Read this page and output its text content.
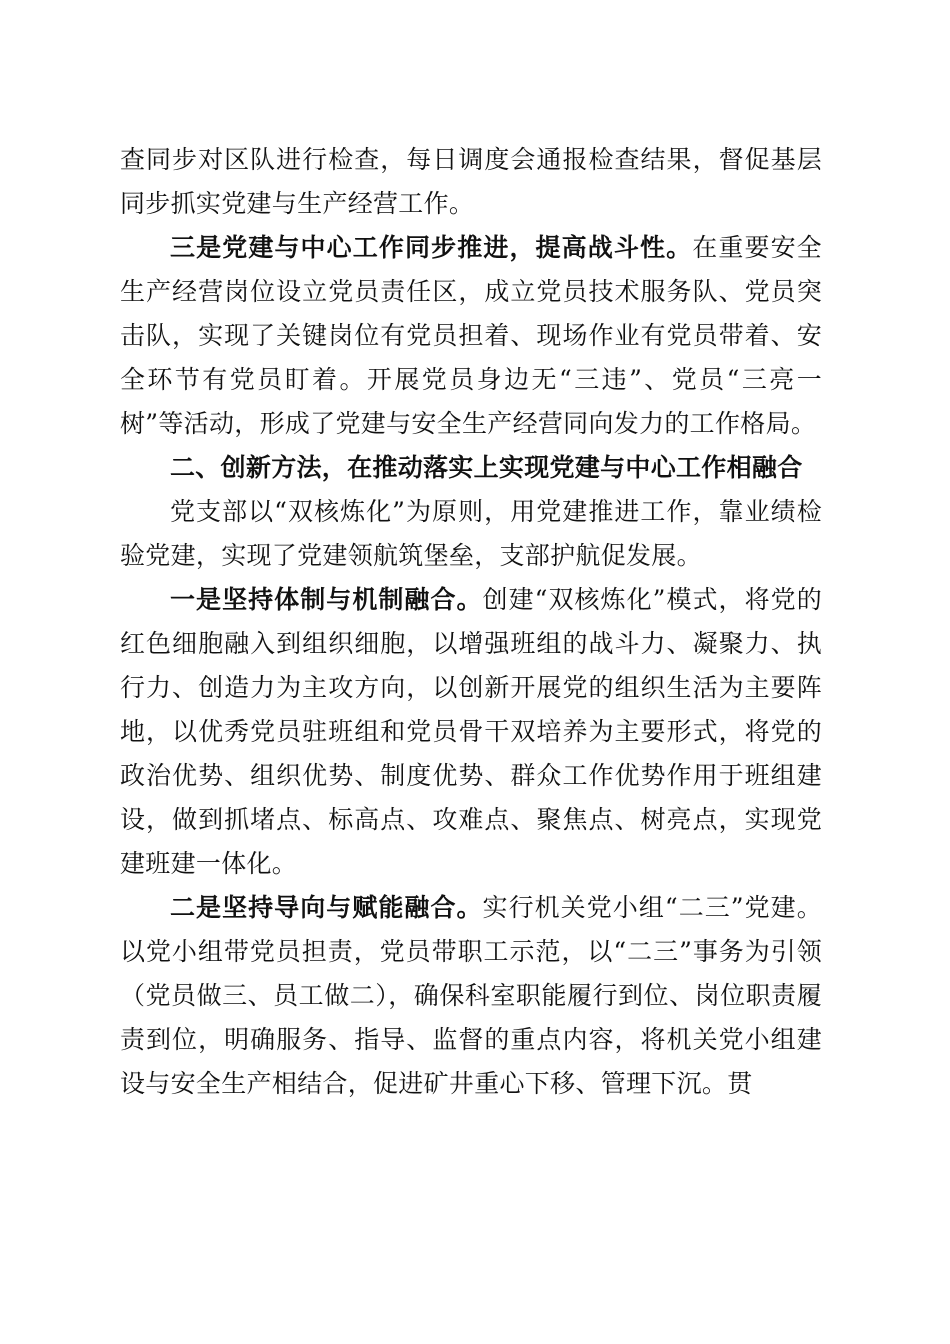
查同步对区队进行检查，每日调度会通报检查结果，督促基层同步抓实党建与生产经营工作。

三是党建与中心工作同步推进，提高战斗性。在重要安全生产经营岗位设立党员责任区，成立党员技术服务队、党员突击队，实现了关键岗位有党员担着、现场作业有党员带着、安全环节有党员盯着。开展党员身边无“三违”、党员“三亮一树”等活动，形成了党建与安全生产经营同向发力的工作格局。

二、创新方法，在推动落实上实现党建与中心工作相融合

党支部以“双核炼化”为原则，用党建推进工作，靠业绩检验党建，实现了党建领航筑堡垒，支部护航促发展。

一是坚持体制与机制融合。创建“双核炼化”模式，将党的红色细胞融入到组织细胞，以增强班组的战斗力、凝聚力、执行力、创造力为主攻方向，以创新开展党的组织生活为主要阵地，以优秀党员驻班组和党员骨干双培养为主要形式，将党的政治优势、组织优势、制度优势、群众工作优势作用于班组建设，做到抓堵点、标高点、攻难点、聚焦点、树亮点，实现党建班建一体化。

二是坚持导向与赋能融合。实行机关党小组“二三”党建。以党小组带党员担责，党员带职工示范，以“二三”事务为引领（党员做三、员工做二），确保科室职能履行到位、岗位职责履责到位，明确服务、指导、监督的重点内容，将机关党小组建设与安全生产相结合，促进矿井重心下移、管理下沉。贯
